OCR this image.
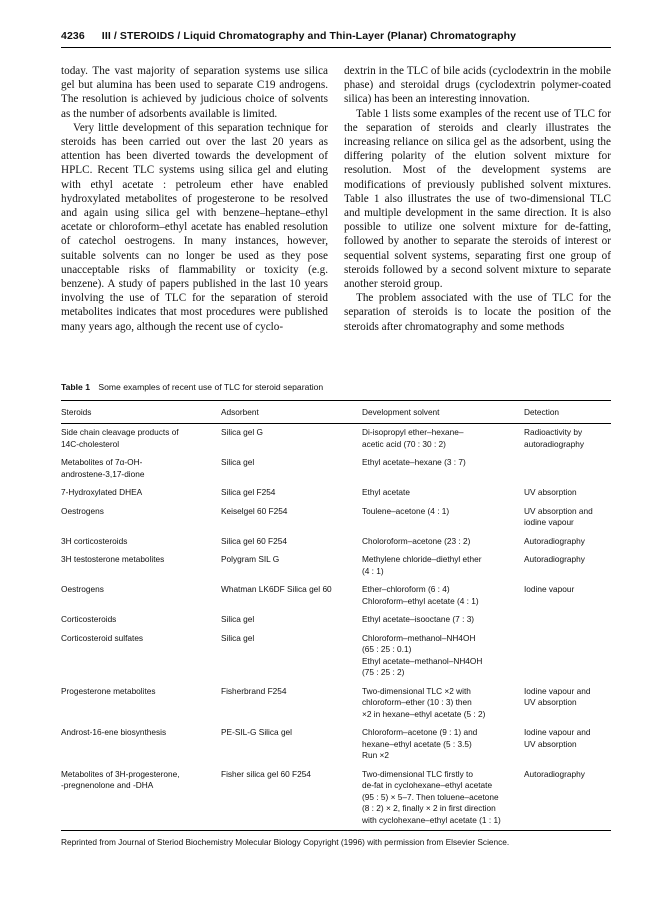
4236 III / STEROIDS / Liquid Chromatography and Thin-Layer (Planar) Chromatography

today. The vast majority of separation systems use silica gel but alumina has been used to separate C19 androgens. The resolution is achieved by judicious choice of solvents as the number of adsorbents available is limited.

Very little development of this separation technique for steroids has been carried out over the last 20 years as attention has been diverted towards the development of HPLC. Recent TLC systems using silica gel and eluting with ethyl acetate : petroleum ether have enabled hydroxylated metabolites of progesterone to be resolved and again using silica gel with benzene–heptane–ethyl acetate or chloroform–ethyl acetate has enabled resolution of catechol oestrogens. In many instances, however, suitable solvents can no longer be used as they pose unacceptable risks of flammability or toxicity (e.g. benzene). A study of papers published in the last 10 years involving the use of TLC for the separation of steroid metabolites indicates that most procedures were published many years ago, although the recent use of cyclo-

dextrin in the TLC of bile acids (cyclodextrin in the mobile phase) and steroidal drugs (cyclodextrin polymer-coated silica) has been an interesting innovation.

Table 1 lists some examples of the recent use of TLC for the separation of steroids and clearly illustrates the increasing reliance on silica gel as the adsorbent, using the differing polarity of the elution solvent mixture for resolution. Most of the development systems are modifications of previously published solvent mixtures. Table 1 also illustrates the use of two-dimensional TLC and multiple development in the same direction. It is also possible to utilize one solvent mixture for de-fatting, followed by another to separate the steroids of interest or sequential solvent systems, separating first one group of steroids followed by a second solvent mixture to separate another steroid group.

The problem associated with the use of TLC for the separation of steroids is to locate the position of the steroids after chromatography and some methods

Table 1 Some examples of recent use of TLC for steroid separation
Steroids	Adsorbent	Development solvent	Detection

Side chain cleavage products of
14C-cholesterol	Silica gel G	Di-isopropyl ether–hexane–
acetic acid (70 : 30 : 2)	Radioactivity by
autoradiography
Metabolites of 7α-OH-
androstene-3,17-dione	Silica gel	Ethyl acetate–hexane (3 : 7)	
7-Hydroxylated DHEA	Silica gel F254	Ethyl acetate	UV absorption
Oestrogens	Keiselgel 60 F254	Toulene–acetone (4 : 1)	UV absorption and
iodine vapour
3H corticosteroids	Silica gel 60 F254	Choloroform–acetone (23 : 2)	Autoradiography
3H testosterone metabolites	Polygram SIL G	Methylene chloride–diethyl ether
(4 : 1)	Autoradiography
Oestrogens	Whatman LK6DF Silica gel 60	Ether–chloroform (6 : 4)
Chloroform–ethyl acetate (4 : 1)	Iodine vapour
Corticosteroids	Silica gel	Ethyl acetate–isooctane (7 : 3)	
Corticosteroid sulfates	Silica gel	Chloroform–methanol–NH4OH
(65 : 25 : 0.1)
Ethyl acetate–methanol–NH4OH
(75 : 25 : 2)	
Progesterone metabolites	Fisherbrand F254	Two-dimensional TLC ×2 with
chloroform–ether (10 : 3) then
×2 in hexane–ethyl acetate (5 : 2)	Iodine vapour and
UV absorption
Androst-16-ene biosynthesis	PE-SIL-G Silica gel	Chloroform–acetone (9 : 1) and
hexane–ethyl acetate (5 : 3.5)
Run ×2	Iodine vapour and
UV absorption
Metabolites of 3H-progesterone,
-pregnenolone and -DHA	Fisher silica gel 60 F254	Two-dimensional TLC firstly to
de-fat in cyclohexane–ethyl acetate
(95 : 5) × 5–7. Then toluene–acetone
(8 : 2) × 2, finally × 2 in first direction
with cyclohexane–ethyl acetate (1 : 1)	Autoradiography
Reprinted from Journal of Steriod Biochemistry Molecular Biology Copyright (1996) with permission from Elsevier Science.
